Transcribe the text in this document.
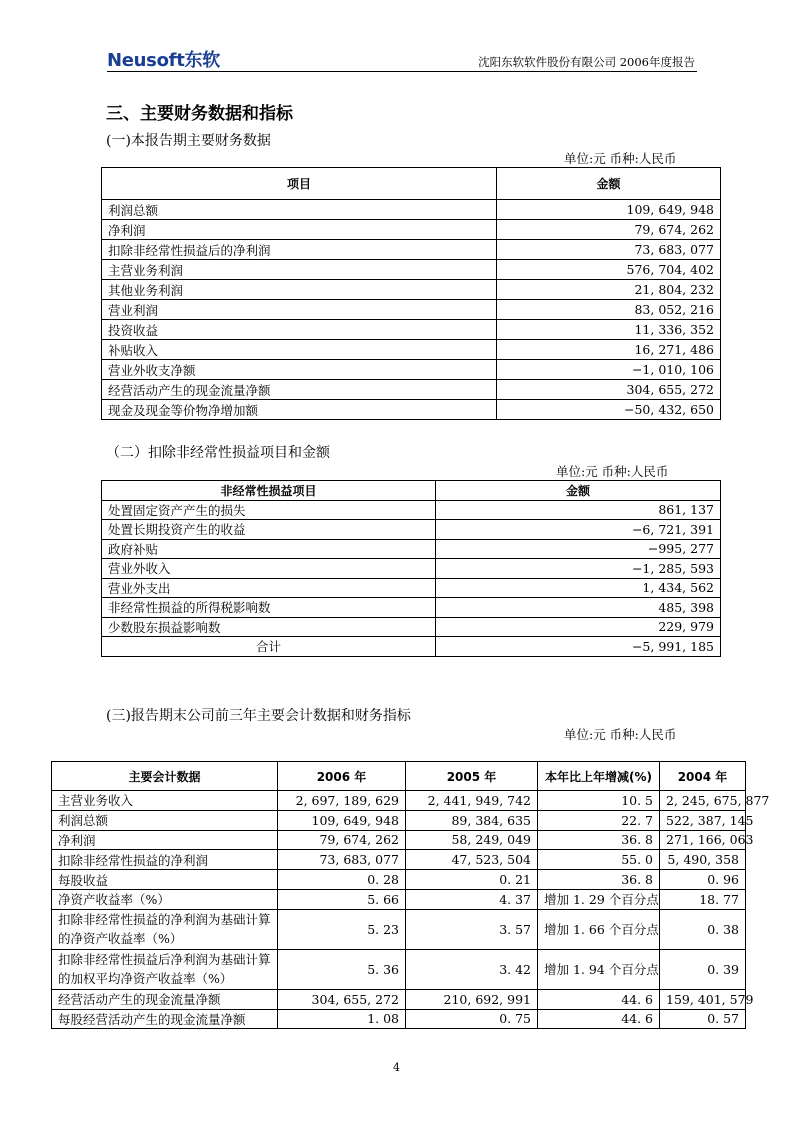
Neusoft东软	沈阳东软软件股份有限公司 2006年度报告
三、主要财务数据和指标
(一)本报告期主要财务数据
单位:元 币种:人民币
项目	金额
利润总额	109, 649, 948
净利润	79, 674, 262
扣除非经常性损益后的净利润	73, 683, 077
主营业务利润	576, 704, 402
其他业务利润	21, 804, 232
营业利润	83, 052, 216
投资收益	11, 336, 352
补贴收入	16, 271, 486
营业外收支净额	−1, 010, 106
经营活动产生的现金流量净额	304, 655, 272
现金及现金等价物净增加额	−50, 432, 650
（二）扣除非经常性损益项目和金额
单位:元 币种:人民币
非经常性损益项目	金额
处置固定资产产生的损失	861, 137
处置长期投资产生的收益	−6, 721, 391
政府补贴	−995, 277
营业外收入	−1, 285, 593
营业外支出	1, 434, 562
非经常性损益的所得税影响数	485, 398
少数股东损益影响数	229, 979
合计	−5, 991, 185
(三)报告期末公司前三年主要会计数据和财务指标
单位:元 币种:人民币
主要会计数据	2006 年	2005 年	本年比上年增减(%)	2004 年
主营业务收入	2, 697, 189, 629	2, 441, 949, 742	10. 5	2, 245, 675, 877
利润总额	109, 649, 948	89, 384, 635	22. 7	522, 387, 145
净利润	79, 674, 262	58, 249, 049	36. 8	271, 166, 063
扣除非经常性损益的净利润	73, 683, 077	47, 523, 504	55. 0	5, 490, 358
每股收益	0. 28	0. 21	36. 8	0. 96
净资产收益率（%）	5. 66	4. 37	增加 1. 29 个百分点	18. 77
扣除非经常性损益的净利润为基础计算的净资产收益率（%）	5. 23	3. 57	增加 1. 66 个百分点	0. 38
扣除非经常性损益后净利润为基础计算的加权平均净资产收益率（%）	5. 36	3. 42	增加 1. 94 个百分点	0. 39
经营活动产生的现金流量净额	304, 655, 272	210, 692, 991	44. 6	159, 401, 579
每股经营活动产生的现金流量净额	1. 08	0. 75	44. 6	0. 57
4
